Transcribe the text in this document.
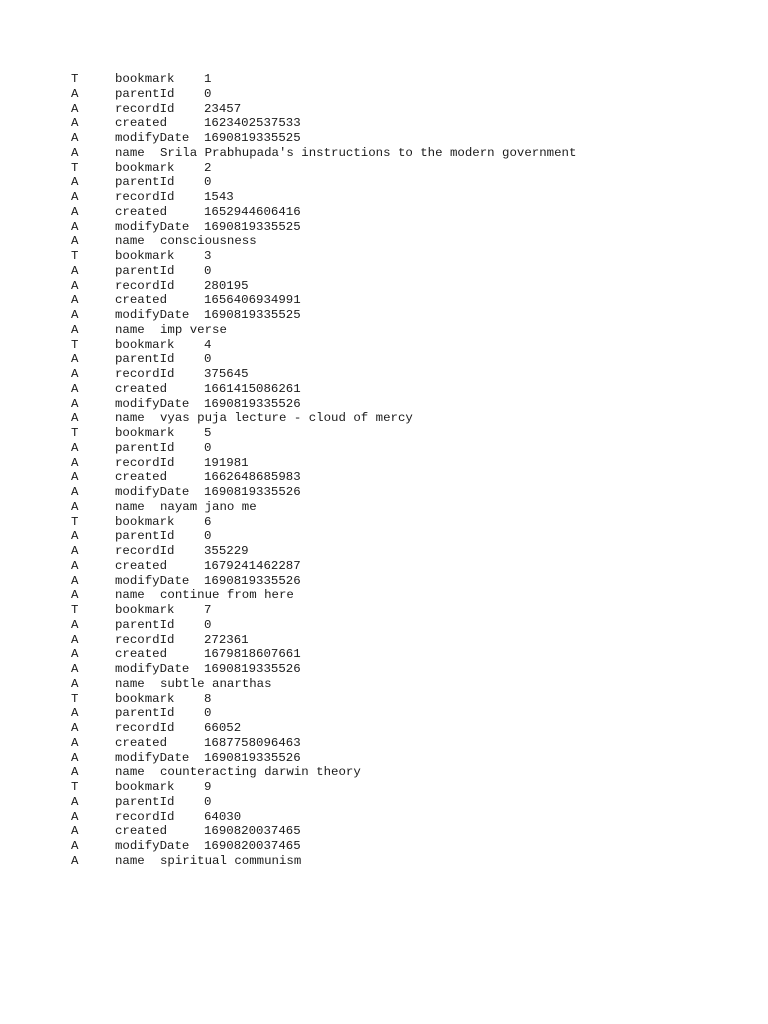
T	bookmark 1
A	parentId 0
A	recordId 23457
A	created	1623402537533
A	modifyDate 1690819335525
A	name Srila Prabhupada's instructions to the modern government
T	bookmark 2
A	parentId 0
A	recordId 1543
A	created	1652944606416
A	modifyDate 1690819335525
A	name consciousness
T	bookmark 3
A	parentId 0
A	recordId 280195
A	created	1656406934991
A	modifyDate 1690819335525
A	name imp verse
T	bookmark 4
A	parentId 0
A	recordId 375645
A	created	1661415086261
A	modifyDate 1690819335526
A	name vyas puja lecture - cloud of mercy
T	bookmark 5
A	parentId 0
A	recordId 191981
A	created	1662648685983
A	modifyDate 1690819335526
A	name nayam jano me
T	bookmark 6
A	parentId 0
A	recordId 355229
A	created	1679241462287
A	modifyDate 1690819335526
A	name continue from here
T	bookmark 7
A	parentId 0
A	recordId 272361
A	created	1679818607661
A	modifyDate 1690819335526
A	name subtle anarthas
T	bookmark 8
A	parentId 0
A	recordId 66052
A	created	1687758096463
A	modifyDate 1690819335526
A	name counteracting darwin theory
T	bookmark 9
A	parentId 0
A	recordId 64030
A	created	1690820037465
A	modifyDate 1690820037465
A	name spiritual communism
